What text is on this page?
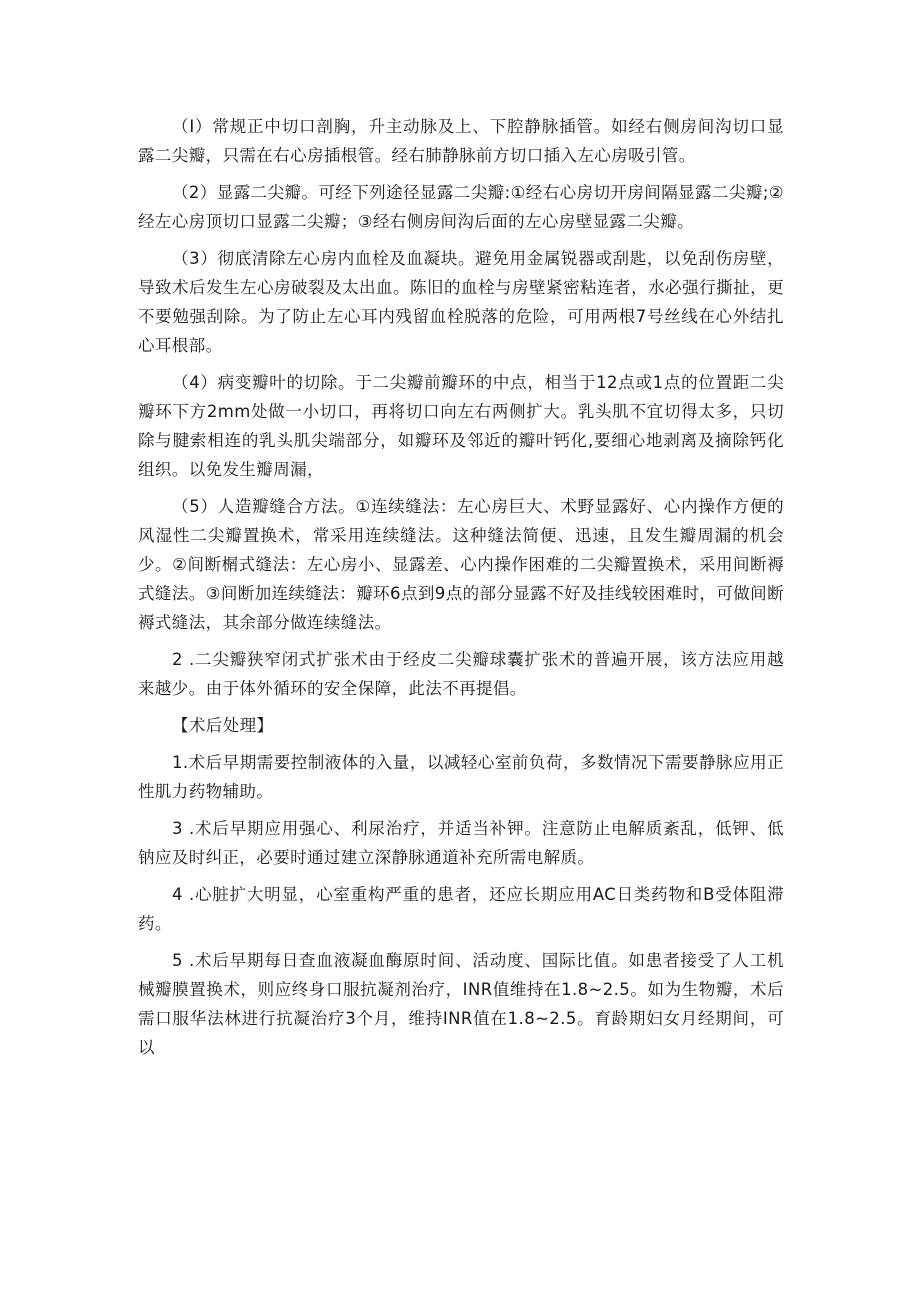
（I）常规正中切口剖胸，升主动脉及上、下腔静脉插管。如经右侧房间沟切口显露二尖瓣，只需在右心房插根管。经右肺静脉前方切口插入左心房吸引管。

（2）显露二尖瓣。可经下列途径显露二尖瓣:①经右心房切开房间隔显露二尖瓣;②经左心房顶切口显露二尖瓣；③经右侧房间沟后面的左心房壁显露二尖瓣。

（3）彻底清除左心房内血栓及血凝块。避免用金属锐器或刮匙，以免刮伤房壁，导致术后发生左心房破裂及太出血。陈旧的血栓与房壁紧密粘连者，水必强行撕扯，更不要勉强刮除。为了防止左心耳内残留血栓脱落的危险，可用两根7号丝线在心外结扎心耳根部。

（4）病变瓣叶的切除。于二尖瓣前瓣环的中点，相当于12点或1点的位置距二尖瓣环下方2mm处做一小切口，再将切口向左右两侧扩大。乳头肌不宜切得太多，只切除与腱索相连的乳头肌尖端部分，如瓣环及邻近的瓣叶钙化,要细心地剥离及摘除钙化组织。以免发生瓣周漏，

（5）人造瓣缝合方法。①连续缝法：左心房巨大、术野显露好、心内操作方便的风湿性二尖瓣置换术，常采用连续缝法。这种缝法简便、迅速，且发生瓣周漏的机会少。②间断榍式缝法：左心房小、显露差、心内操作困难的二尖瓣置换术，采用间断褥式缝法。③间断加连续缝法：瓣环6点到9点的部分显露不好及挂线较困难时，可做间断褥式缝法，其余部分做连续缝法。

2 .二尖瓣狭窄闭式扩张术由于经皮二尖瓣球囊扩张术的普遍开展，该方法应用越来越少。由于体外循环的安全保障，此法不再提倡。

【术后处理】

1.术后早期需要控制液体的入量，以减轻心室前负荷，多数情况下需要静脉应用正性肌力药物辅助。

3 .术后早期应用强心、利尿治疗，并适当补钾。注意防止电解质紊乱，低钾、低钠应及时纠正，必要时通过建立深静脉通道补充所需电解质。

4 .心脏扩大明显，心室重构严重的患者，还应长期应用AC日类药物和B受体阻滞药。

5 .术后早期每日查血液凝血酶原时间、活动度、国际比值。如患者接受了人工机械瓣膜置换术，则应终身口服抗凝剂治疗，INR值维持在1.8~2.5。如为生物瓣，术后需口服华法林进行抗凝治疗3个月，维持INR值在1.8~2.5。育龄期妇女月经期间，可以
